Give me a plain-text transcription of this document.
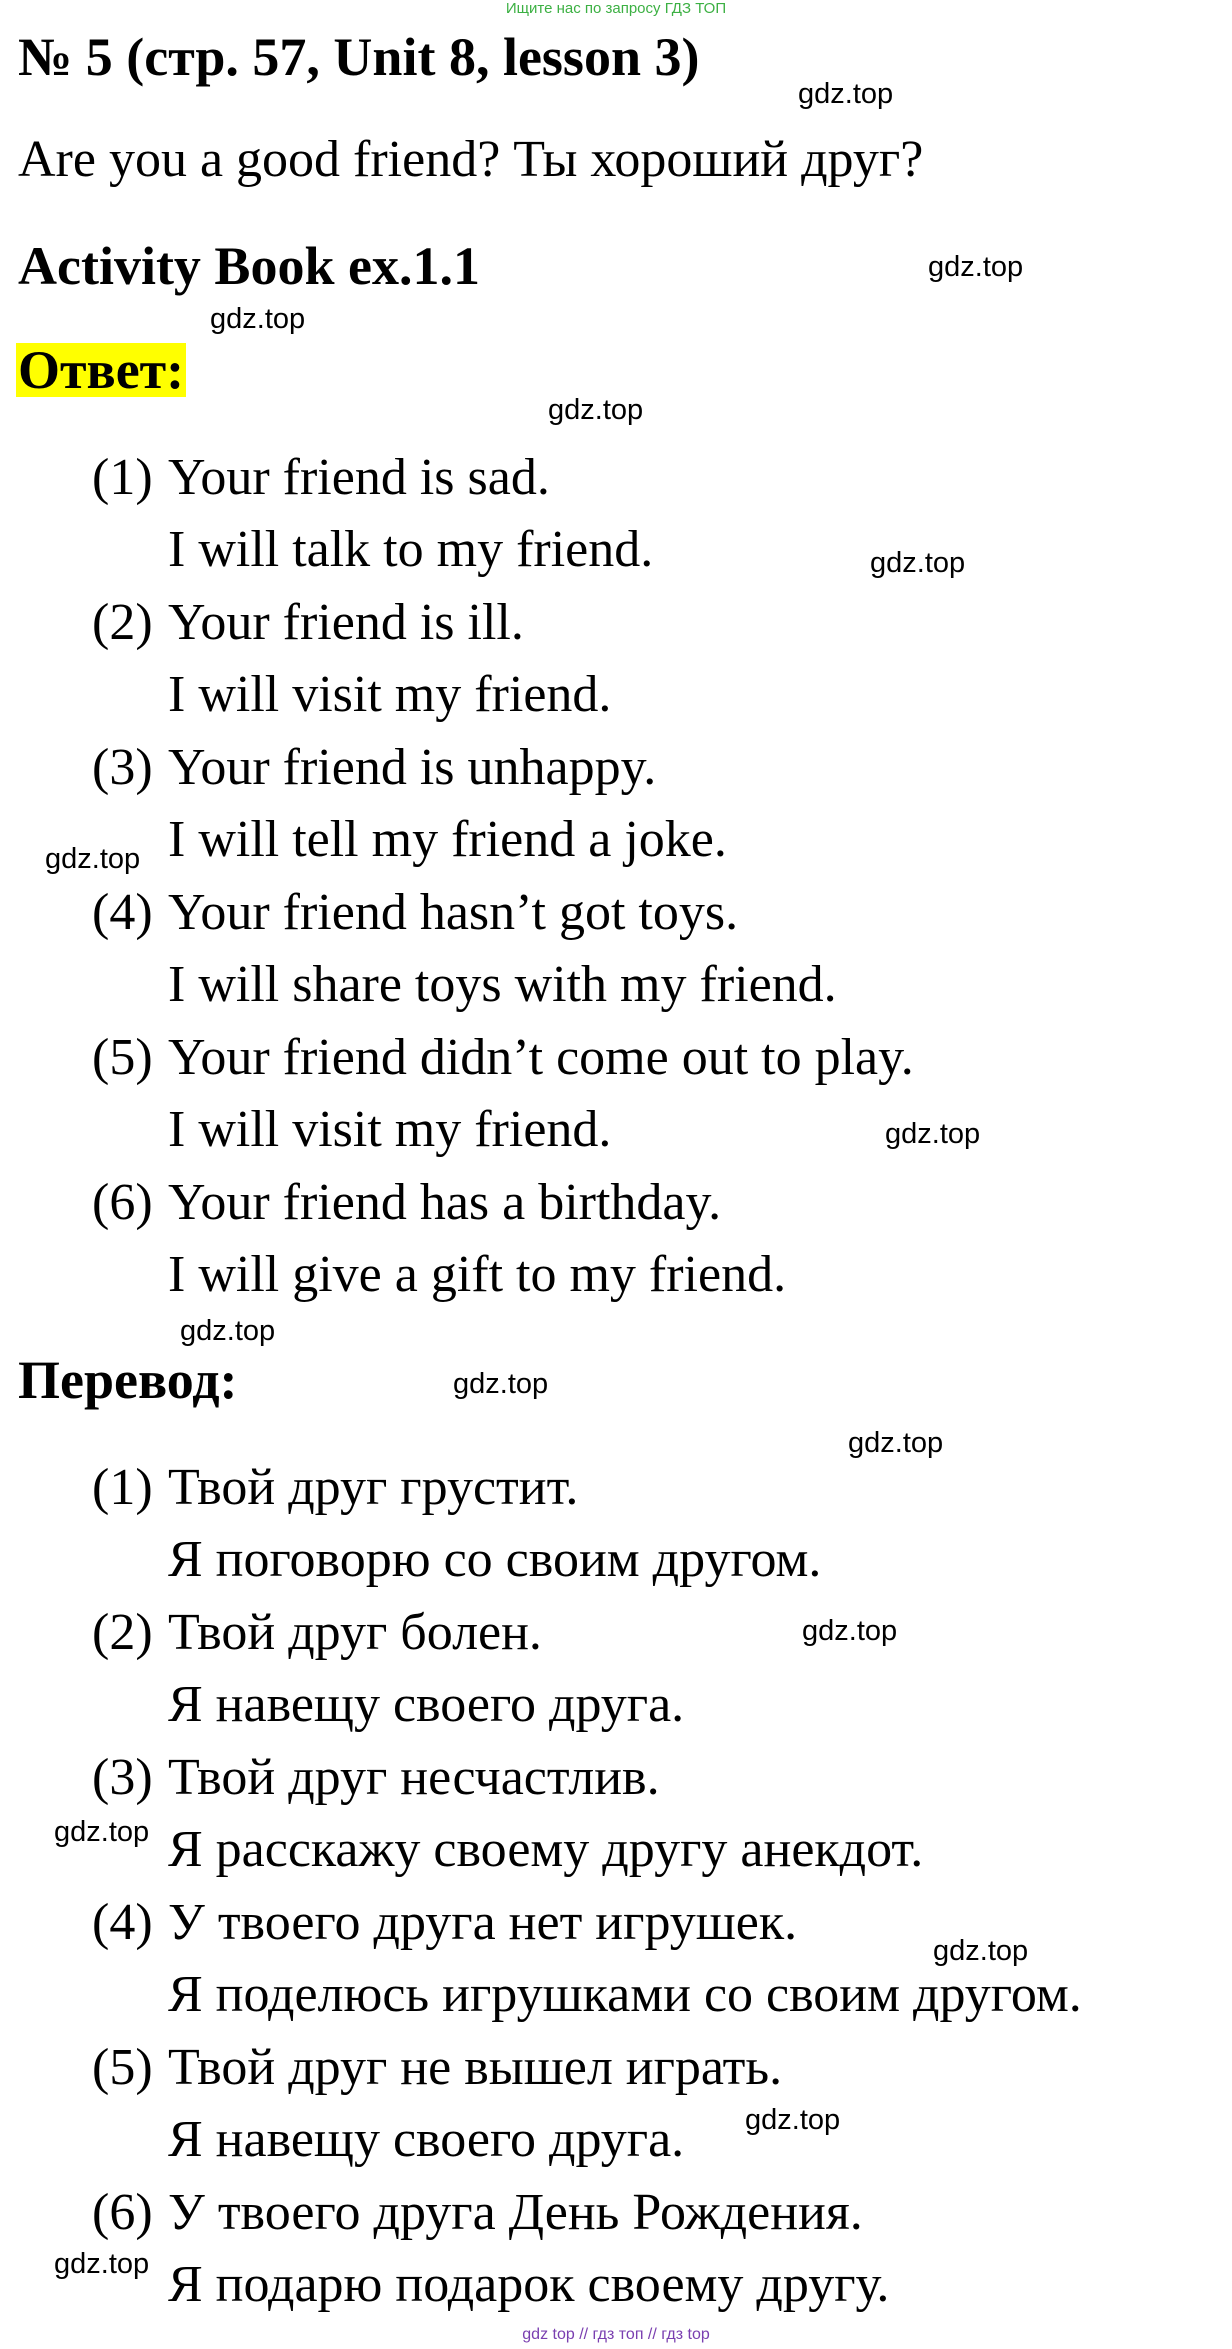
Ищите нас по запросу ГДЗ ТОП
№ 5 (стр. 57, Unit 8, lesson 3)
Are you a good friend? Ты хороший друг?
Activity Book ex.1.1
Ответ:
(1) Your friend is sad.
I will talk to my friend.
(2) Your friend is ill.
I will visit my friend.
(3) Your friend is unhappy.
I will tell my friend a joke.
(4) Your friend hasn’t got toys.
I will share toys with my friend.
(5) Your friend didn’t come out to play.
I will visit my friend.
(6) Your friend has a birthday.
I will give a gift to my friend.
Перевод:
(1) Твой друг грустит.
Я поговорю со своим другом.
(2) Твой друг болен.
Я навещу своего друга.
(3) Твой друг несчастлив.
Я расскажу своему другу анекдот.
(4) У твоего друга нет игрушек.
Я поделюсь игрушками со своим другом.
(5) Твой друг не вышел играть.
Я навещу своего друга.
(6) У твоего друга День Рождения.
Я подарю подарок своему другу.
gdz.top
gdz.top
gdz.top
gdz.top
gdz.top
gdz.top
gdz.top
gdz.top
gdz.top
gdz.top
gdz.top
gdz.top
gdz.top
gdz.top
gdz.top
gdz top // гдз топ // гдз top
